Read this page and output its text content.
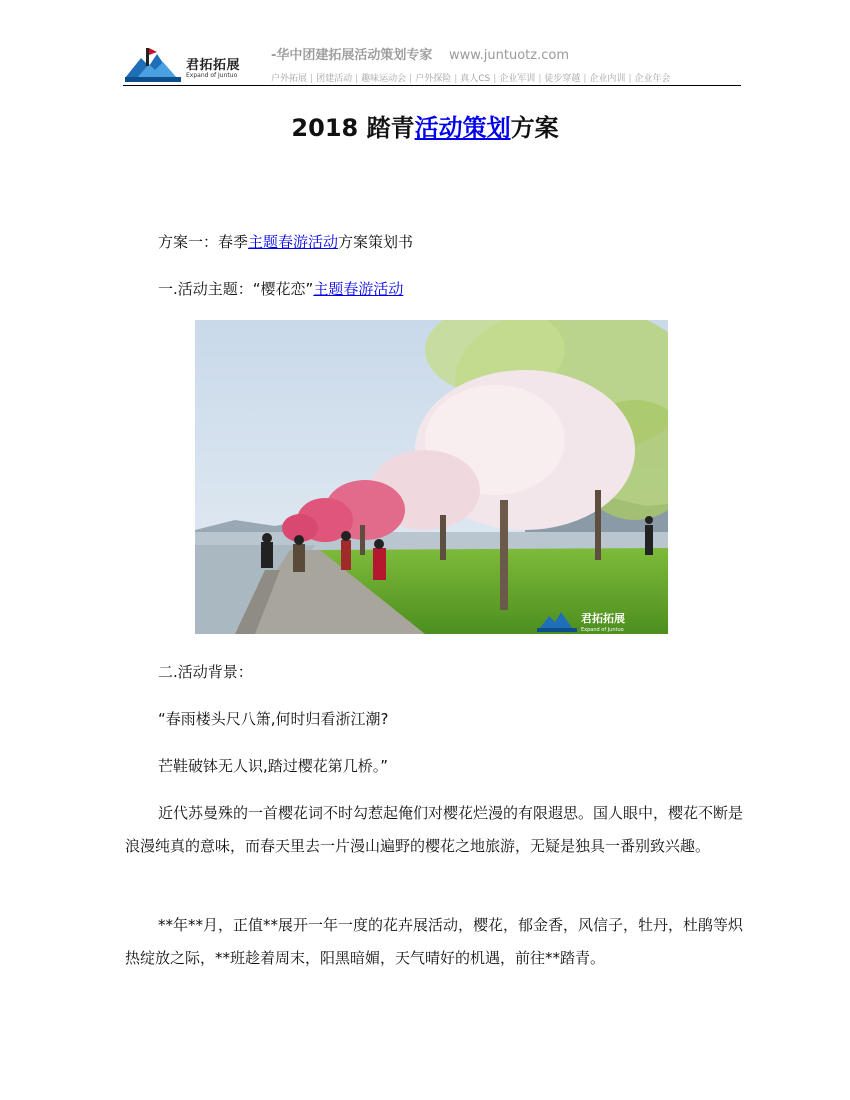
君拓拓展
Expand of Juntuo
-华中团建拓展活动策划专家 www.juntuotz.com
户外拓展 | 团建活动 | 趣味运动会 | 户外探险 | 真人CS | 企业军训 | 徒步穿越 | 企业内训 | 企业年会
2018 踏青活动策划方案
方案一：春季主题春游活动方案策划书
一.活动主题：“樱花恋”主题春游活动
君拓拓展
Expand of Juntuo
二.活动背景：
“春雨楼头尺八箫,何时归看浙江潮?
芒鞋破钵无人识,踏过樱花第几桥。”
近代苏曼殊的一首樱花词不时勾惹起俺们对樱花烂漫的有限遐思。国人眼中，樱花不断是浪漫纯真的意味，而春天里去一片漫山遍野的樱花之地旅游，无疑是独具一番别致兴趣。
**年**月，正值**展开一年一度的花卉展活动，樱花，郁金香，风信子，牡丹，杜鹃等炽热绽放之际，**班趁着周末，阳黑暗媚，天气晴好的机遇，前往**踏青。
